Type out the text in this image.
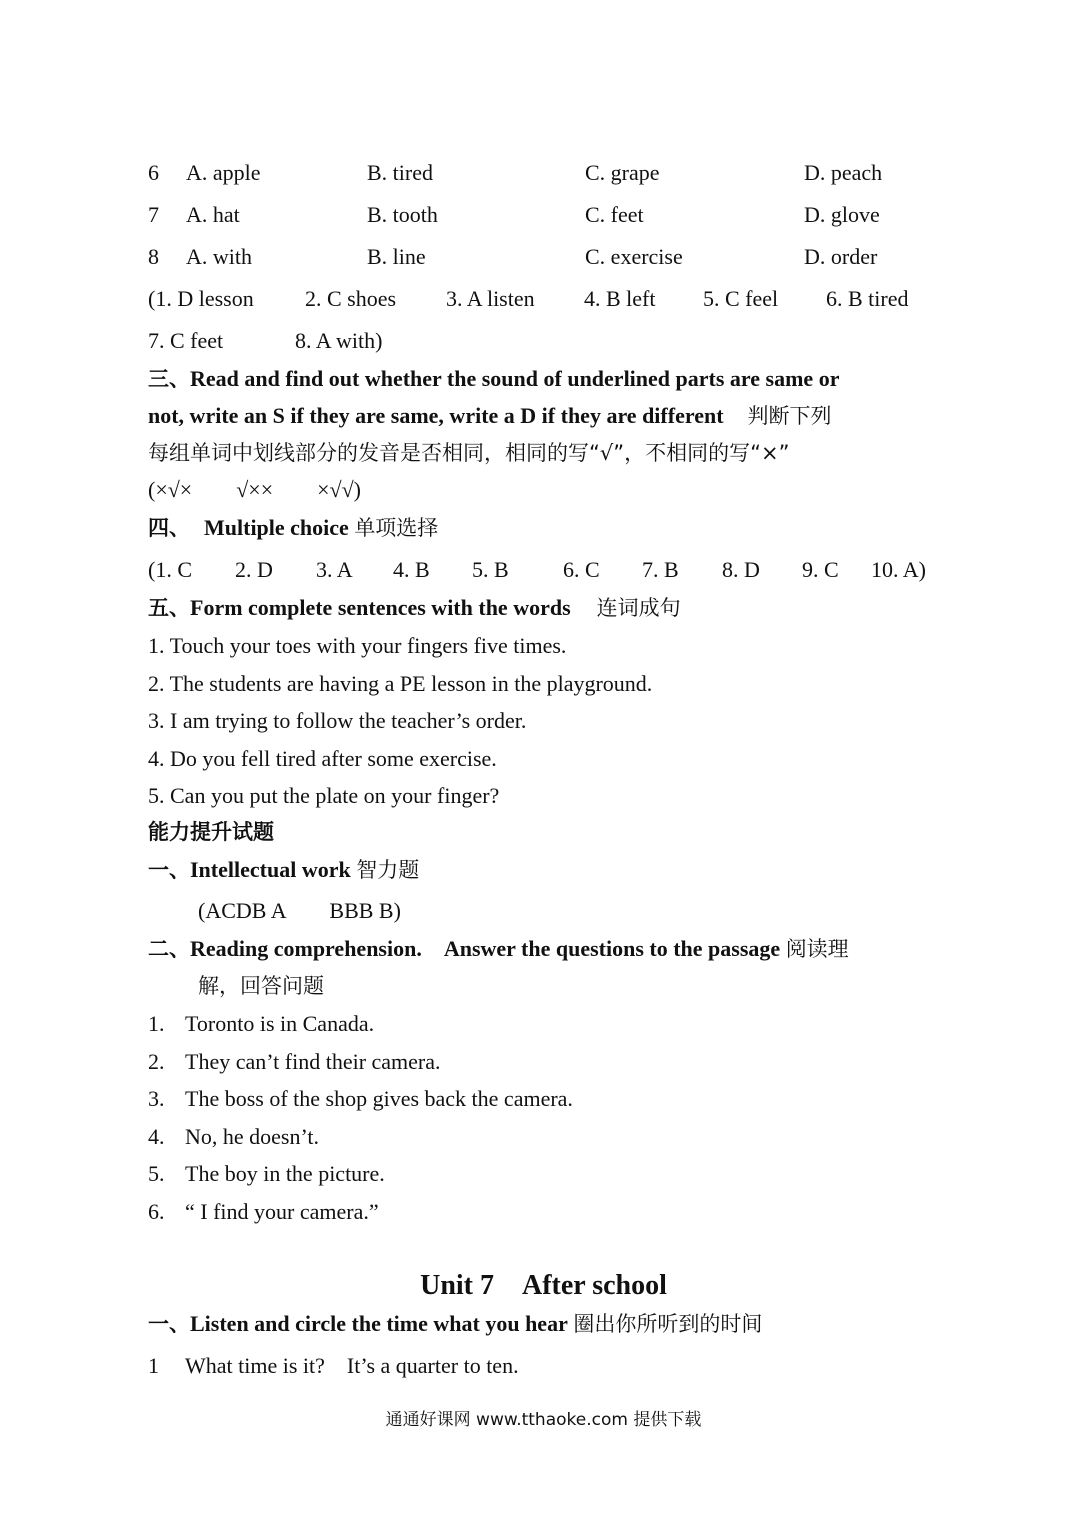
6 A. apple	B. tired	C. grape	D. peach
7 A. hat	B. tooth	C. feet	D. glove
8 A. with	B. line	C. exercise	D. order
(1. D lesson 2. C shoes 3. A listen 4. B left 5. C feel 6. B tired
7. C feet	8. A with)
三、Read and find out whether the sound of underlined parts are same or
not, write an S if they are same, write a D if they are different 判断下列
每组单词中划线部分的发音是否相同，相同的写“√”，不相同的写“×”
(×√×　　√××　　×√√)
四、 Multiple choice 单项选择
(1. C 2. D 3. A 4. B 5. B 6. C 7. B 8. D 9. C 10. A)
五、Form complete sentences with the words 连词成句
1. Touch your toes with your fingers five times.
2. The students are having a PE lesson in the playground.
3. I am trying to follow the teacher’s order.
4. Do you fell tired after some exercise.
5. Can you put the plate on your finger?
能力提升试题
一、Intellectual work 智力题
(ACDB A　　BBB B)
二、Reading comprehension.　Answer the questions to the passage 阅读理
解，回答问题
1. Toronto is in Canada.
2. They can’t find their camera.
3. The boss of the shop gives back the camera.
4. No, he doesn’t.
5. The boy in the picture.
6. “ I find your camera.”
Unit 7 After school
一、Listen and circle the time what you hear 圈出你所听到的时间
1 What time is it?　It’s a quarter to ten.
通通好课网 www.tthaoke.com 提供下载
